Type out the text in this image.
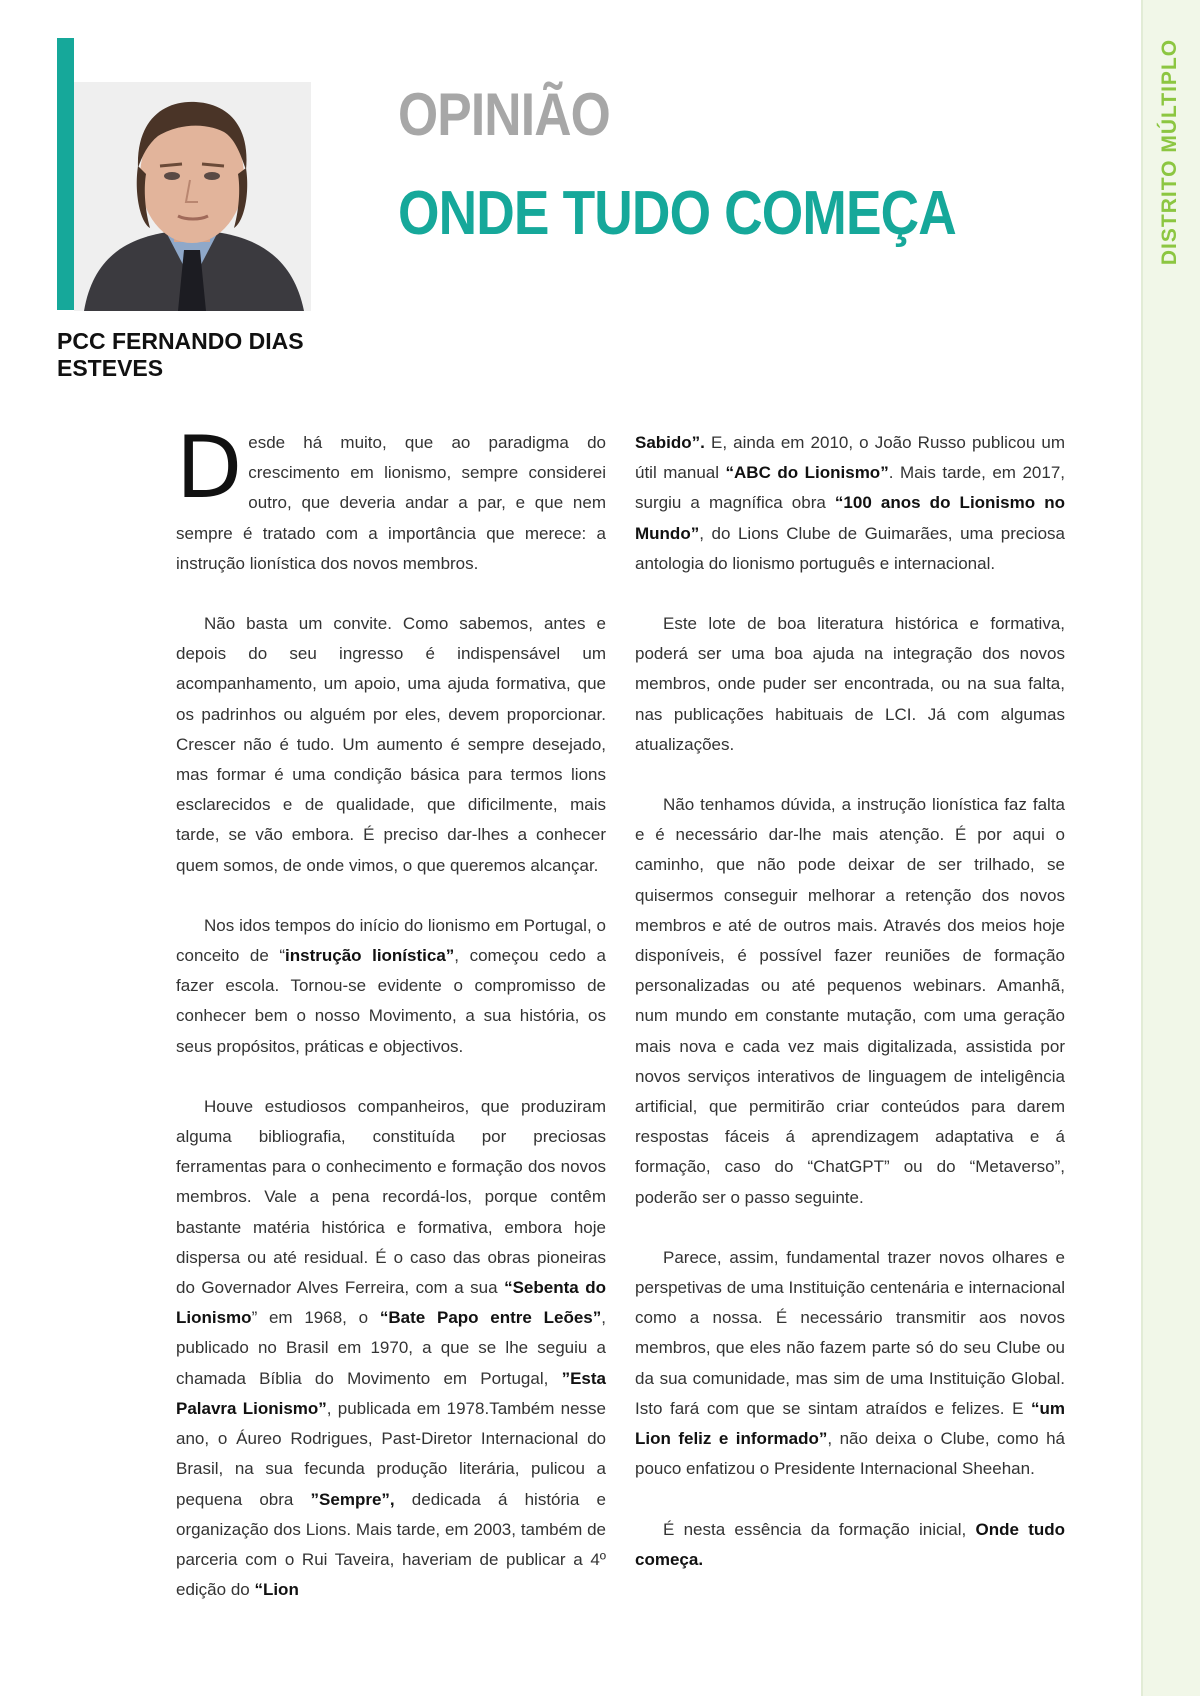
DISTRITO MÚLTIPLO
PCC FERNANDO DIAS
ESTEVES
OPINIÃO
ONDE TUDO COMEÇA

Desde há muito, que ao paradigma do crescimento em lionismo, sempre considerei outro, que deveria andar a par, e que nem sempre é tratado com a importância que merece: a instrução lionística dos novos membros.

Não basta um convite. Como sabemos, antes e depois do seu ingresso é indispensável um acompanhamento, um apoio, uma ajuda formativa, que os padrinhos ou alguém por eles, devem proporcionar. Crescer não é tudo. Um aumento é sempre desejado, mas formar é uma condição básica para termos lions esclarecidos e de qualidade, que dificilmente, mais tarde, se vão embora. É preciso dar-lhes a conhecer quem somos, de onde vimos, o que queremos alcançar.

Nos idos tempos do início do lionismo em Portugal, o conceito de “instrução lionística”, começou cedo a fazer escola. Tornou-se evidente o compromisso de conhecer bem o nosso Movimento, a sua história, os seus propósitos, práticas e objectivos.

Houve estudiosos companheiros, que produziram alguma bibliografia, constituída por preciosas ferramentas para o conhecimento e formação dos novos membros. Vale a pena recordá-los, porque contêm bastante matéria histórica e formativa, embora hoje dispersa ou até residual. É o caso das obras pioneiras do Governador Alves Ferreira, com a sua “Sebenta do Lionismo” em 1968, o “Bate Papo entre Leões”, publicado no Brasil em 1970, a que se lhe seguiu a chamada Bíblia do Movimento em Portugal, ”Esta Palavra Lionismo”, publicada em 1978.Também nesse ano, o Áureo Rodrigues, Past-Diretor Internacional do Brasil, na sua fecunda produção literária, pulicou a pequena obra ”Sempre”, dedicada á história e organização dos Lions. Mais tarde, em 2003, também de parceria com o Rui Taveira, haveriam de publicar a 4º edição do “Lion

Sabido”. E, ainda em 2010, o João Russo publicou um útil manual “ABC do Lionismo”. Mais tarde, em 2017, surgiu a magnífica obra “100 anos do Lionismo no Mundo”, do Lions Clube de Guimarães, uma preciosa antologia do lionismo português e internacional.

Este lote de boa literatura histórica e formativa, poderá ser uma boa ajuda na integração dos novos membros, onde puder ser encontrada, ou na sua falta, nas publicações habituais de LCI. Já com algumas atualizações.

Não tenhamos dúvida, a instrução lionística faz falta e é necessário dar-lhe mais atenção. É por aqui o caminho, que não pode deixar de ser trilhado, se quisermos conseguir melhorar a retenção dos novos membros e até de outros mais. Através dos meios hoje disponíveis, é possível fazer reuniões de formação personalizadas ou até pequenos webinars. Amanhã, num mundo em constante mutação, com uma geração mais nova e cada vez mais digitalizada, assistida por novos serviços interativos de linguagem de inteligência artificial, que permitirão criar conteúdos para darem respostas fáceis á aprendizagem adaptativa e á formação, caso do “ChatGPT” ou do “Metaverso”, poderão ser o passo seguinte.

Parece, assim, fundamental trazer novos olhares e perspetivas de uma Instituição centenária e internacional como a nossa. É necessário transmitir aos novos membros, que eles não fazem parte só do seu Clube ou da sua comunidade, mas sim de uma Instituição Global. Isto fará com que se sintam atraídos e felizes. E “um Lion feliz e informado”, não deixa o Clube, como há pouco enfatizou o Presidente Internacional Sheehan.

É nesta essência da formação inicial, Onde tudo começa.
